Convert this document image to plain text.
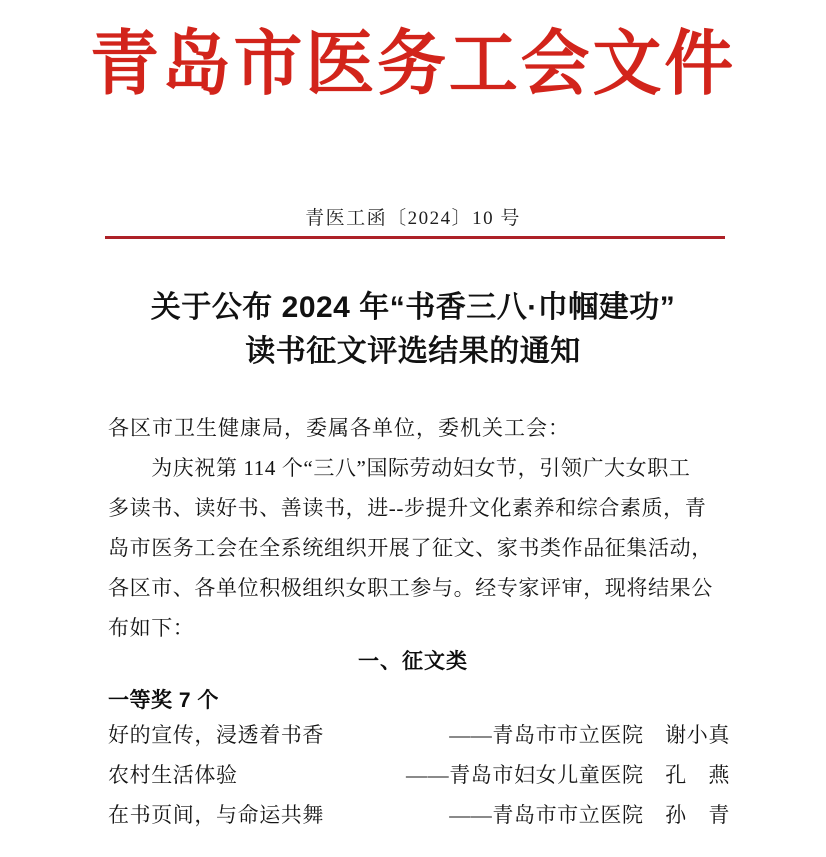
青岛市医务工会文件
青医工函〔2024〕10 号
关于公布 2024 年“书香三八·巾帼建功”
读书征文评选结果的通知
各区市卫生健康局，委属各单位，委机关工会：
　　为庆祝第 114 个“三八”国际劳动妇女节，引领广大女职工
多读书、读好书、善读书，进--步提升文化素养和综合素质，青
岛市医务工会在全系统组织开展了征文、家书类作品征集活动，
各区市、各单位积极组织女职工参与。经专家评审，现将结果公
布如下：
一、征文类
一等奖 7 个
好的宣传，浸透着书香	——青岛市市立医院　谢小真
农村生活体验	——青岛市妇女儿童医院　孔　燕
在书页间，与命运共舞	——青岛市市立医院　孙　青
